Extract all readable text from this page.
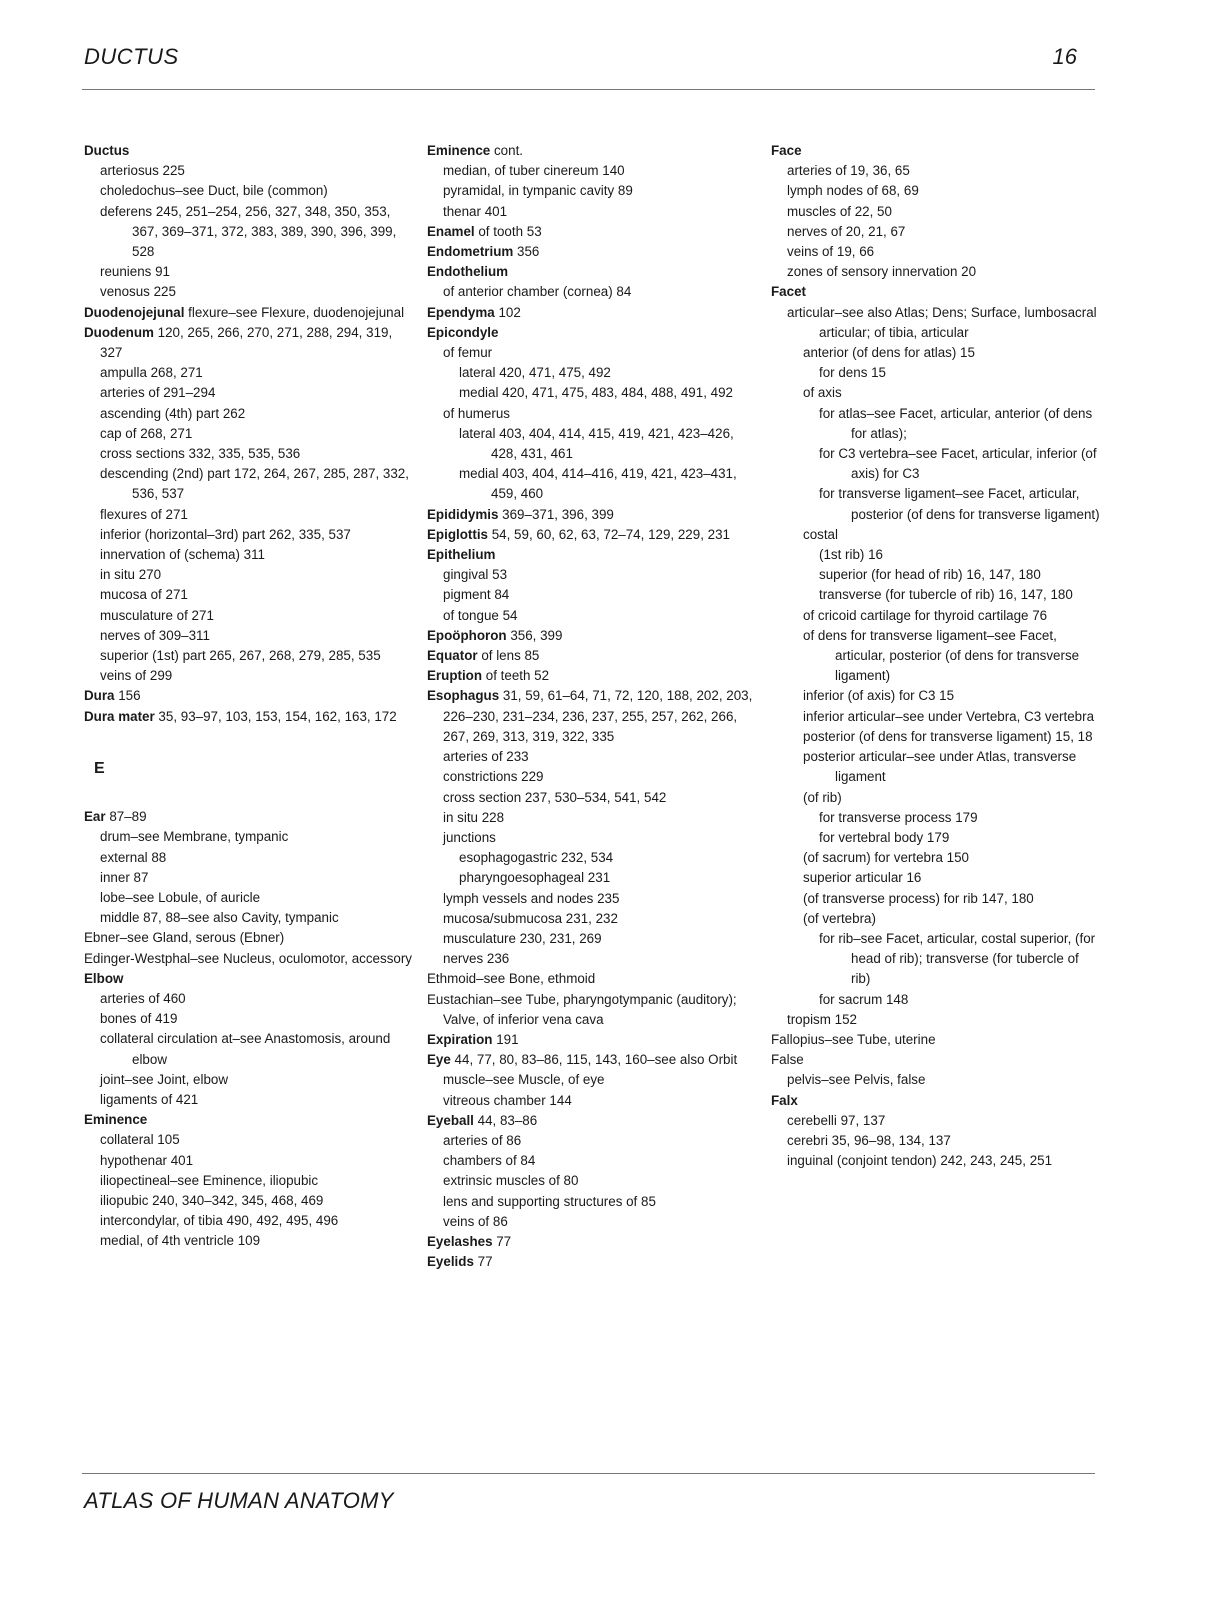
DUCTUS	16

Ductus

arteriosus 225

choledochus–see Duct, bile (common)

deferens 245, 251–254, 256, 327, 348, 350, 353, 367, 369–371, 372, 383, 389, 390, 396, 399, 528

reuniens 91

venosus 225

Duodenojejunal flexure–see Flexure, duodenojejunal

Duodenum 120, 265, 266, 270, 271, 288, 294, 319, 327

ampulla 268, 271

arteries of 291–294

ascending (4th) part 262

cap of 268, 271

cross sections 332, 335, 535, 536

descending (2nd) part 172, 264, 267, 285, 287, 332, 536, 537

flexures of 271

inferior (horizontal–3rd) part 262, 335, 537

innervation of (schema) 311

in situ 270

mucosa of 271

musculature of 271

nerves of 309–311

superior (1st) part 265, 267, 268, 279, 285, 535

veins of 299

Dura 156

Dura mater 35, 93–97, 103, 153, 154, 162, 163, 172

E

Ear 87–89

drum–see Membrane, tympanic

external 88

inner 87

lobe–see Lobule, of auricle

middle 87, 88–see also Cavity, tympanic

Ebner–see Gland, serous (Ebner)

Edinger-Westphal–see Nucleus, oculomotor, accessory

Elbow

arteries of 460

bones of 419

collateral circulation at–see Anastomosis, around elbow

joint–see Joint, elbow

ligaments of 421

Eminence

collateral 105

hypothenar 401

iliopectineal–see Eminence, iliopubic

iliopubic 240, 340–342, 345, 468, 469

intercondylar, of tibia 490, 492, 495, 496

medial, of 4th ventricle 109

Eminence cont.

median, of tuber cinereum 140

pyramidal, in tympanic cavity 89

thenar 401

Enamel of tooth 53

Endometrium 356

Endothelium

of anterior chamber (cornea) 84

Ependyma 102

Epicondyle

of femur

lateral 420, 471, 475, 492

medial 420, 471, 475, 483, 484, 488, 491, 492

of humerus

lateral 403, 404, 414, 415, 419, 421, 423–426, 428, 431, 461

medial 403, 404, 414–416, 419, 421, 423–431, 459, 460

Epididymis 369–371, 396, 399

Epiglottis 54, 59, 60, 62, 63, 72–74, 129, 229, 231

Epithelium

gingival 53

pigment 84

of tongue 54

Epoöphoron 356, 399

Equator of lens 85

Eruption of teeth 52

Esophagus 31, 59, 61–64, 71, 72, 120, 188, 202, 203, 226–230, 231–234, 236, 237, 255, 257, 262, 266, 267, 269, 313, 319, 322, 335

arteries of 233

constrictions 229

cross section 237, 530–534, 541, 542

in situ 228

junctions

esophagogastric 232, 534

pharyngoesophageal 231

lymph vessels and nodes 235

mucosa/submucosa 231, 232

musculature 230, 231, 269

nerves 236

Ethmoid–see Bone, ethmoid

Eustachian–see Tube, pharyngotympanic (auditory); Valve, of inferior vena cava

Expiration 191

Eye 44, 77, 80, 83–86, 115, 143, 160–see also Orbit

muscle–see Muscle, of eye

vitreous chamber 144

Eyeball 44, 83–86

arteries of 86

chambers of 84

extrinsic muscles of 80

lens and supporting structures of 85

veins of 86

Eyelashes 77

Eyelids 77

Face

arteries of 19, 36, 65

lymph nodes of 68, 69

muscles of 22, 50

nerves of 20, 21, 67

veins of 19, 66

zones of sensory innervation 20

Facet

articular–see also Atlas; Dens; Surface, lumbosacral articular; of tibia, articular

anterior (of dens for atlas) 15

for dens 15

of axis

for atlas–see Facet, articular, anterior (of dens for atlas);

for C3 vertebra–see Facet, articular, inferior (of axis) for C3

for transverse ligament–see Facet, articular, posterior (of dens for transverse ligament)

costal

(1st rib) 16

superior (for head of rib) 16, 147, 180

transverse (for tubercle of rib) 16, 147, 180

of cricoid cartilage for thyroid cartilage 76

of dens for transverse ligament–see Facet, articular, posterior (of dens for transverse ligament)

inferior (of axis) for C3 15

inferior articular–see under Vertebra, C3 vertebra

posterior (of dens for transverse ligament) 15, 18

posterior articular–see under Atlas, transverse ligament

(of rib)

for transverse process 179

for vertebral body 179

(of sacrum) for vertebra 150

superior articular 16

(of transverse process) for rib 147, 180

(of vertebra)

for rib–see Facet, articular, costal superior, (for head of rib); transverse (for tubercle of rib)

for sacrum 148

tropism 152

Fallopius–see Tube, uterine

False

pelvis–see Pelvis, false

Falx

cerebelli 97, 137

cerebri 35, 96–98, 134, 137

inguinal (conjoint tendon) 242, 243, 245, 251

ATLAS OF HUMAN ANATOMY
